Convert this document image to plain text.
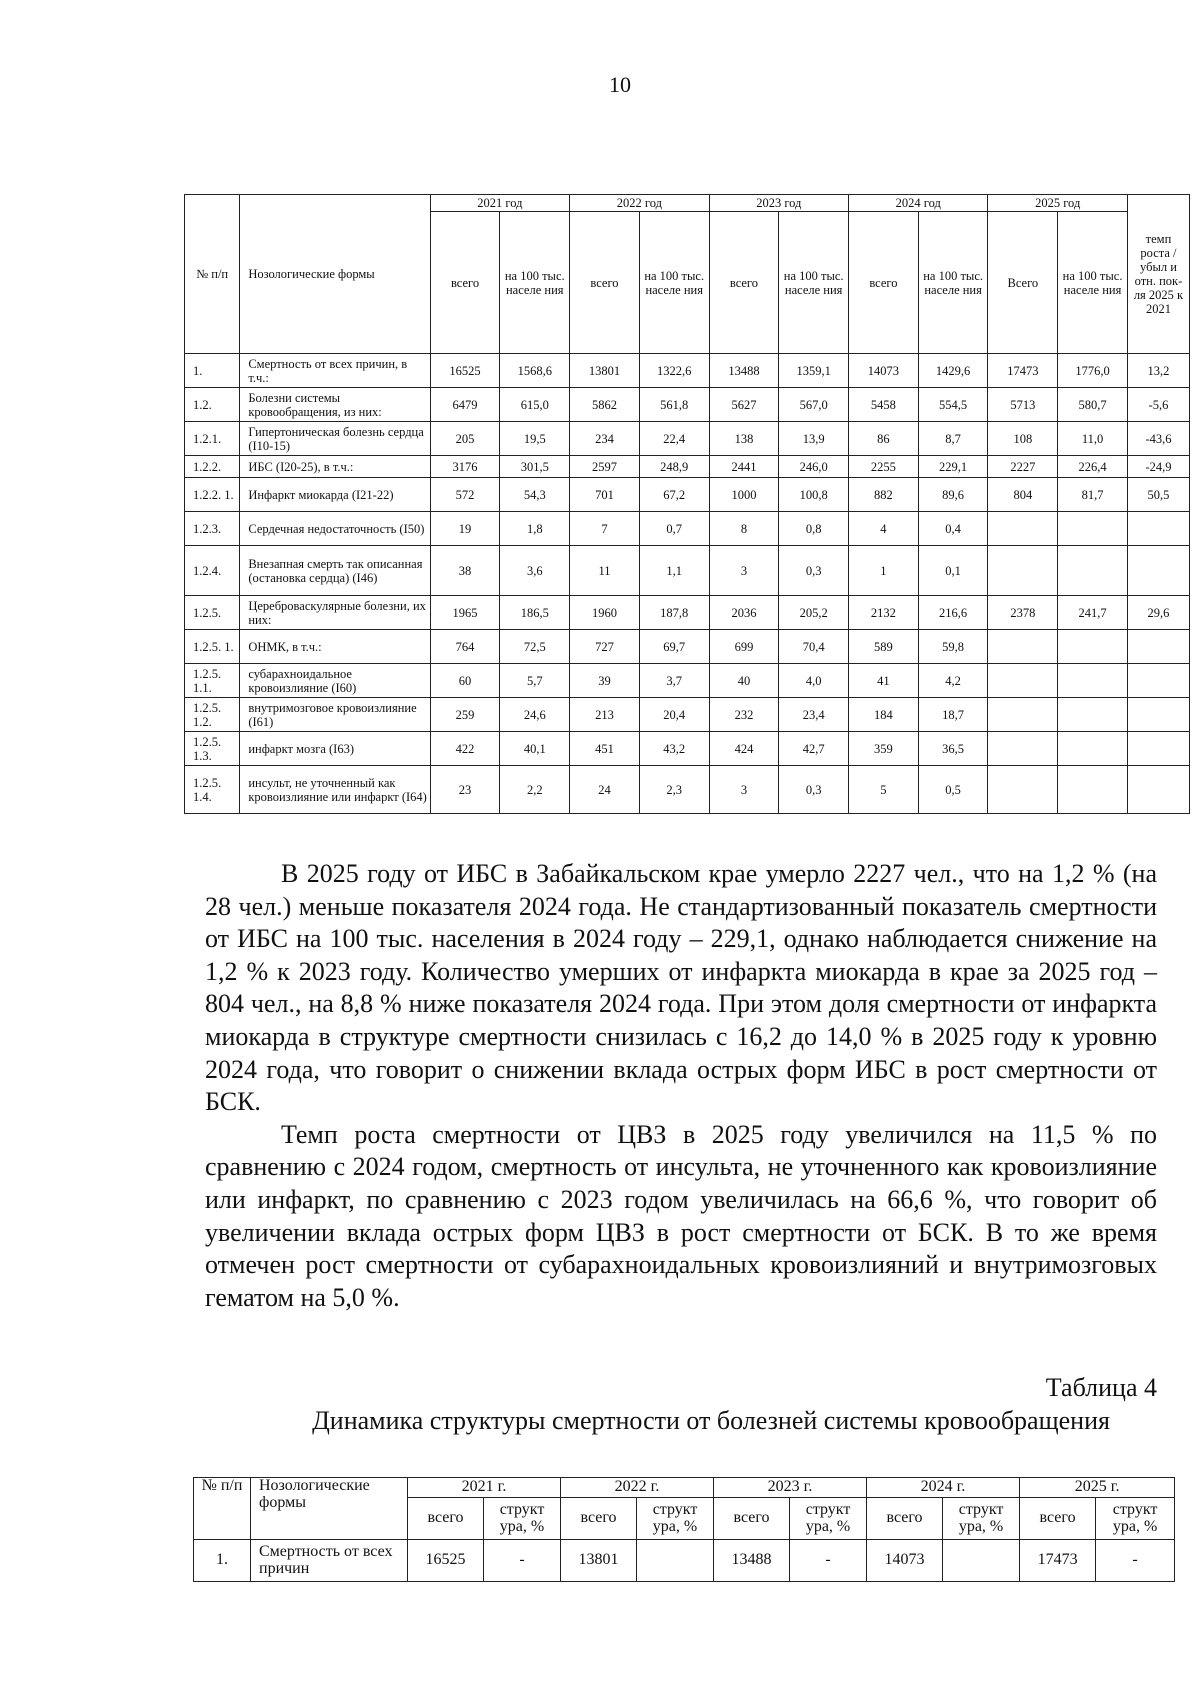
10
№ п/п	Нозологические формы	2021 год		2022 год		2023 год		2024 год		2025 год		темп роста /убыл и отн. пок- ля 2025 к 2021
		всего	на 100 тыс. населе ния	всего	на 100 тыс. населе ния	всего	на 100 тыс. населе ния	всего	на 100 тыс. населе ния	Всего	на 100 тыс. населе ния	
1.	Смертность от всех причин, в т.ч.:	16525	1568,6	13801	1322,6	13488	1359,1	14073	1429,6	17473	1776,0	13,2
1.2.	Болезни системы кровообращения, из них:	6479	615,0	5862	561,8	5627	567,0	5458	554,5	5713	580,7	-5,6
1.2.1.	Гипертоническая болезнь сердца (I10-15)	205	19,5	234	22,4	138	13,9	86	8,7	108	11,0	-43,6
1.2.2.	ИБС (I20-25), в т.ч.:	3176	301,5	2597	248,9	2441	246,0	2255	229,1	2227	226,4	-24,9
1.2.2. 1.	Инфаркт миокарда (I21-22)	572	54,3	701	67,2	1000	100,8	882	89,6	804	81,7	50,5
1.2.3.	Сердечная недостаточность (I50)	19	1,8	7	0,7	8	0,8	4	0,4			
1.2.4.	Внезапная смерть так описанная (остановка сердца) (I46)	38	3,6	11	1,1	3	0,3	1	0,1			
1.2.5.	Цереброваскулярные болезни, их них:	1965	186,5	1960	187,8	2036	205,2	2132	216,6	2378	241,7	29,6
1.2.5. 1.	ОНМК, в т.ч.:	764	72,5	727	69,7	699	70,4	589	59,8			
1.2.5. 1.1.	субарахноидальное кровоизлияние (I60)	60	5,7	39	3,7	40	4,0	41	4,2			
1.2.5. 1.2.	внутримозговое кровоизлияние (I61)	259	24,6	213	20,4	232	23,4	184	18,7			
1.2.5. 1.3.	инфаркт мозга (I63)	422	40,1	451	43,2	424	42,7	359	36,5			
1.2.5. 1.4.	инсульт, не уточненный как кровоизлияние или инфаркт (I64)	23	2,2	24	2,3	3	0,3	5	0,5			

В 2025 году от ИБС в Забайкальском крае умерло 2227 чел., что на 1,2 % (на 28 чел.) меньше показателя 2024 года. Не стандартизованный показатель смертности от ИБС на 100 тыс. населения в 2024 году – 229,1, однако наблюдается снижение на 1,2 % к 2023 году. Количество умерших от инфаркта миокарда в крае за 2025 год – 804 чел., на 8,8 % ниже показателя 2024 года. При этом доля смертности от инфаркта миокарда в структуре смертности снизилась с 16,2 до 14,0 % в 2025 году к уровню 2024 года, что говорит о снижении вклада острых форм ИБС в рост смертности от БСК.

Темп роста смертности от ЦВЗ в 2025 году увеличился на 11,5 % по сравнению с 2024 годом, смертность от инсульта, не уточненного как кровоизлияние или инфаркт, по сравнению с 2023 годом увеличилась на 66,6 %, что говорит об увеличении вклада острых форм ЦВЗ в рост смертности от БСК. В то же время отмечен рост смертности от субарахноидальных кровоизлияний и внутримозговых гематом на 5,0 %.

Таблица 4
Динамика структуры смертности от болезней системы кровообращения
№ п/п	Нозологические формы	2021 г.		2022 г.		2023 г.		2024 г.		2025 г.	
		всего	структ ура, %	всего	структ ура, %	всего	структ ура, %	всего	структ ура, %	всего	структ ура, %
1.	Смертность от всех причин	16525	-	13801		13488	-	14073		17473	-
